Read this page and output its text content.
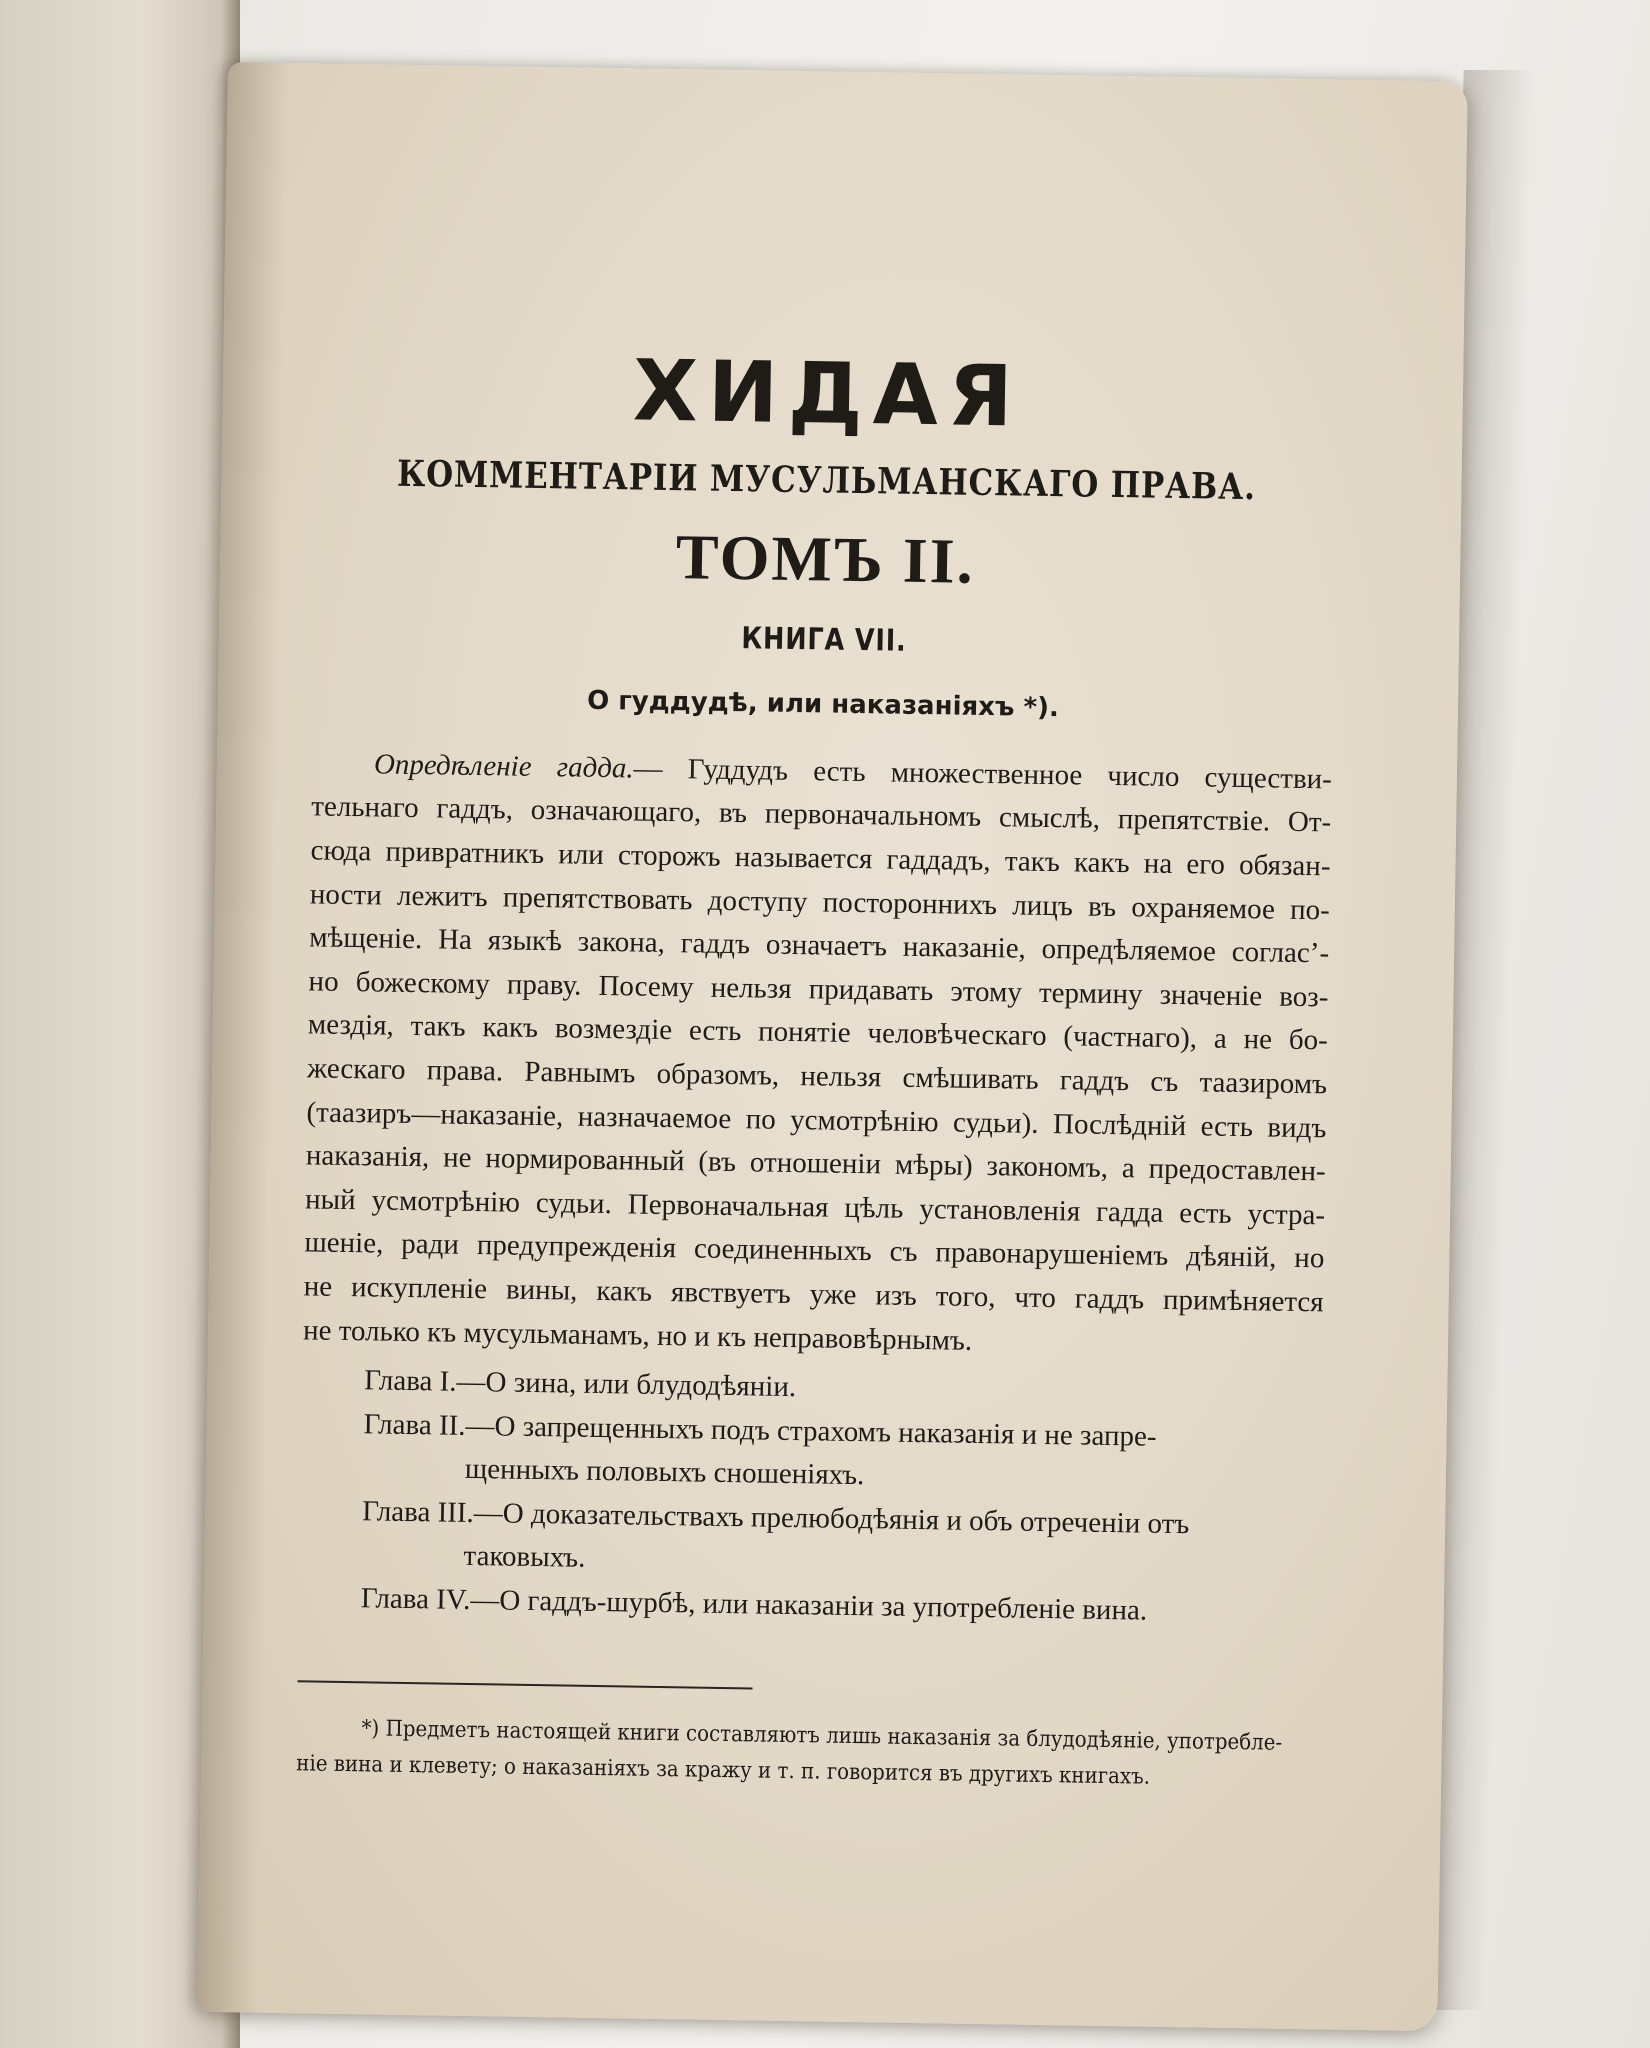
ХИДАЯ
КОММЕНТАРІИ МУСУЛЬМАНСКАГО ПРАВА.
ТОМЪ II.
КНИГА VII.
О гуддудѣ, или наказаніяхъ *).
Опредѣленіе гадда.— Гуддудъ есть множественное число существи-
тельнаго гаддъ, означающаго, въ первоначальномъ смыслѣ, препятствіе. От-
сюда привратникъ или сторожъ называется гаддадъ, такъ какъ на его обязан-
ности лежитъ препятствовать доступу постороннихъ лицъ въ охраняемое по-
мѣщеніе. На языкѣ закона, гаддъ означаетъ наказаніе, опредѣляемое согласʼ-
но божескому праву. Посему нельзя придавать этому термину значеніе воз-
мездія, такъ какъ возмездіе есть понятіе человѣческаго (частнаго), а не бо-
жескаго права. Равнымъ образомъ, нельзя смѣшивать гаддъ съ таазиромъ
(таазиръ—наказаніе, назначаемое по усмотрѣнію судьи). Послѣдній есть видъ
наказанія, не нормированный (въ отношеніи мѣры) закономъ, а предоставлен-
ный усмотрѣнію судьи. Первоначальная цѣль установленія гадда есть устра-
шеніе, ради предупрежденія соединенныхъ съ правонарушеніемъ дѣяній, но
не искупленіе вины, какъ явствуетъ уже изъ того, что гаддъ примѣняется
не только къ мусульманамъ, но и къ неправовѣрнымъ.
Глава I.—О зина, или блудодѣяніи.
Глава II.—О запрещенныхъ подъ страхомъ наказанія и не запре-
щенныхъ половыхъ сношеніяхъ.
Глава III.—О доказательствахъ прелюбодѣянія и объ отреченіи отъ
таковыхъ.
Глава IV.—О гаддъ-шурбѣ, или наказаніи за употребленіе вина.
*) Предметъ настоящей книги составляютъ лишь наказанія за блудодѣяніе, употребле-
ніе вина и клевету; о наказаніяхъ за кражу и т. п. говорится въ другихъ книгахъ.
